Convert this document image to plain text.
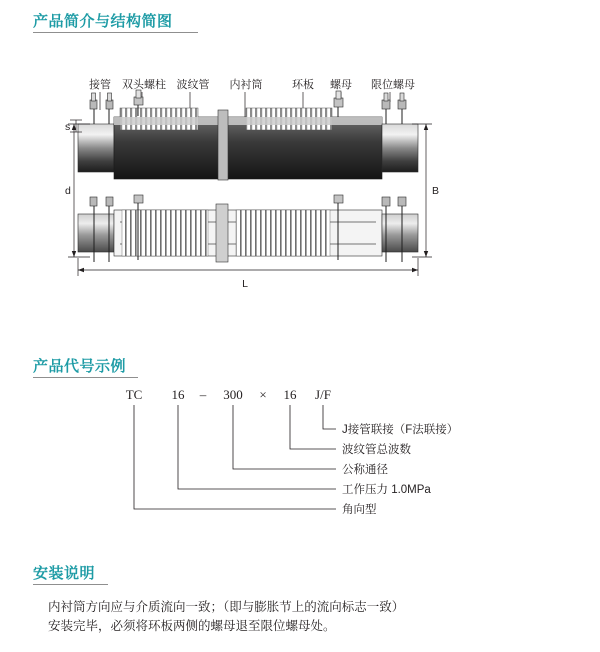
产品简介与结构简图
接管 双头螺柱 波纹管 内衬筒	环板 螺母 限位螺母
s
d	B
L
产品代号示例
TC 16 – 300 × 16 J/F
J接管联接（F法联接）
波纹管总波数
公称通径
工作压力 1.0MPa
角向型
安装说明
内衬筒方向应与介质流向一致；（即与膨胀节上的流向标志一致）
安装完毕，必须将环板两侧的螺母退至限位螺母处。
